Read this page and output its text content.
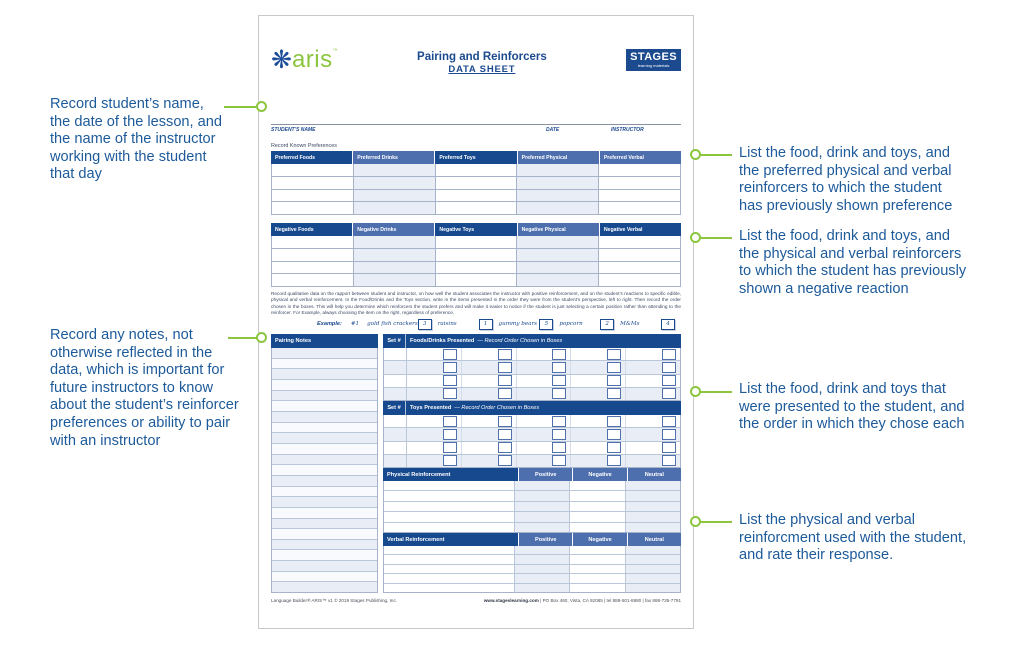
Record student’s name,
the date of the lesson, and
the name of the instructor
working with the student
that day
Record any notes, not
otherwise reflected in the
data, which is important for
future instructors to know
about the student’s reinforcer
preferences or ability to pair
with an instructor
List the food, drink and toys, and
the preferred physical and verbal
reinforcers to which the student
has previously shown preference
List the food, drink and toys, and
the physical and verbal reinforcers
to which the student has previously
shown a negative reaction
List the food, drink and toys that
were presented to the student, and
the order in which they chose each
List the physical and verbal
reinforcment used with the student,
and rate their response.
❋ aris ™	Pairing and Reinforcers
DATA SHEET
STAGES
learning materials
STUDENT’S NAME	DATE	INSTRUCTOR
Record Known Preferences
Preferred Foods	Preferred Drinks	Preferred Toys	Preferred Physical	Preferred Verbal
Negative Foods	Negative Drinks	Negative Toys	Negative Physical	Negative Verbal
Record qualitative data on the rapport between student and instructor, on how well the student associates the instructor with positive reinforcement, and on the student’s reactions to specific edible, physical and verbal reinforcement. In the Food/Drinks and the Toys section, write in the items presented in the order they were from the student’s perspective, left to right. Then record the order chosen in the boxes. This will help you determine which reinforcers the student prefers and will make it easier to notice if the student is just selecting a certain position rather than attending to the reinforcer. For Example, always choosing the item on the right, regardless of preference.
Example: #1 gold fish crackers 3	raisins	1	gummy bears	5	popcorn	2	M&Ms	4
Pairing Notes	Set #	Foods/Drinks Presented — Record Order Chosen in Boxes
Set #	Toys Presented — Record Order Chosen in Boxes
Physical Reinforcement	Positive	Negative	Neutral
Verbal Reinforcement	Positive	Negative	Neutral
Language Builder® ARIS™ v1 © 2019 Stages Publishing, Inc.	www.stageslearning.com | PO Box 460, Vista, CA 92085 | tel 888-501-8880 | fax 888-735-7791
